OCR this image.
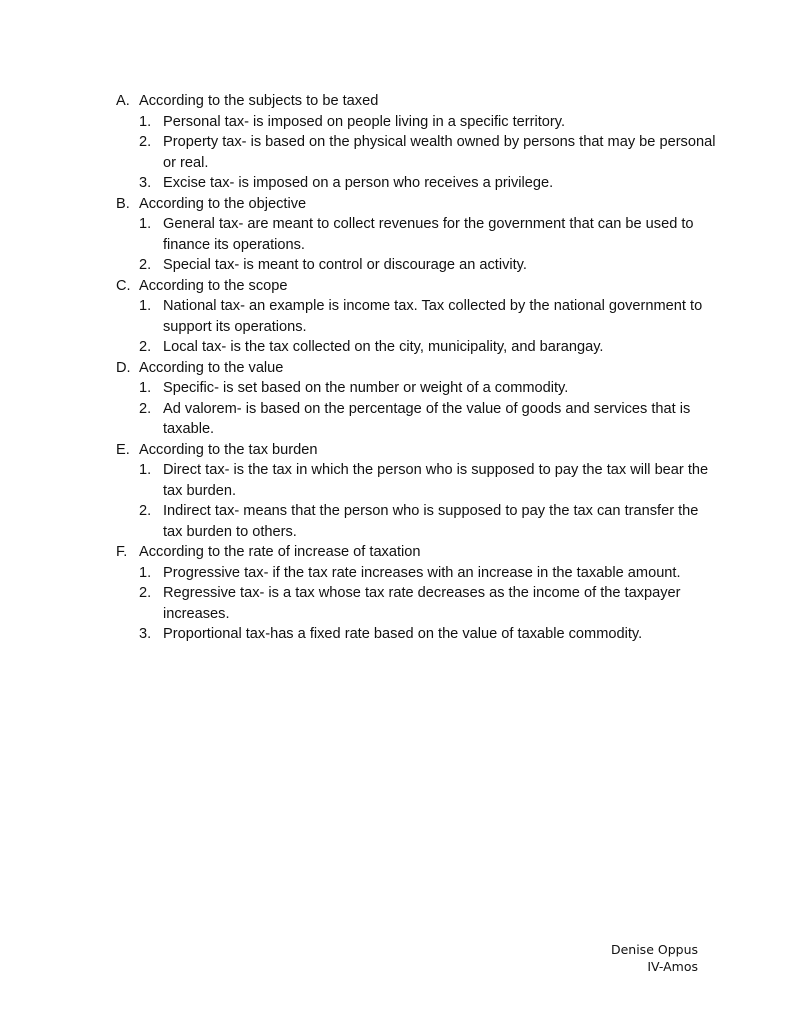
A. According to the subjects to be taxed
1. Personal tax- is imposed on people living in a specific territory.
2. Property tax- is based on the physical wealth owned by persons that may be personal or real.
3. Excise tax- is imposed on a person who receives a privilege.
B. According to the objective
1. General tax- are meant to collect revenues for the government that can be used to finance its operations.
2. Special tax- is meant to control or discourage an activity.
C. According to the scope
1. National tax- an example is income tax. Tax collected by the national government to support its operations.
2. Local tax- is the tax collected on the city, municipality, and barangay.
D. According to the value
1. Specific- is set based on the number or weight of a commodity.
2. Ad valorem- is based on the percentage of the value of goods and services that is taxable.
E. According to the tax burden
1. Direct tax- is the tax in which the person who is supposed to pay the tax will bear the tax burden.
2. Indirect tax- means that the person who is supposed to pay the tax can transfer the tax burden to others.
F. According to the rate of increase of taxation
1. Progressive tax- if the tax rate increases with an increase in the taxable amount.
2. Regressive tax- is a tax whose tax rate decreases as the income of the taxpayer increases.
3. Proportional tax-has a fixed rate based on the value of taxable commodity.
Denise Oppus
IV-Amos
